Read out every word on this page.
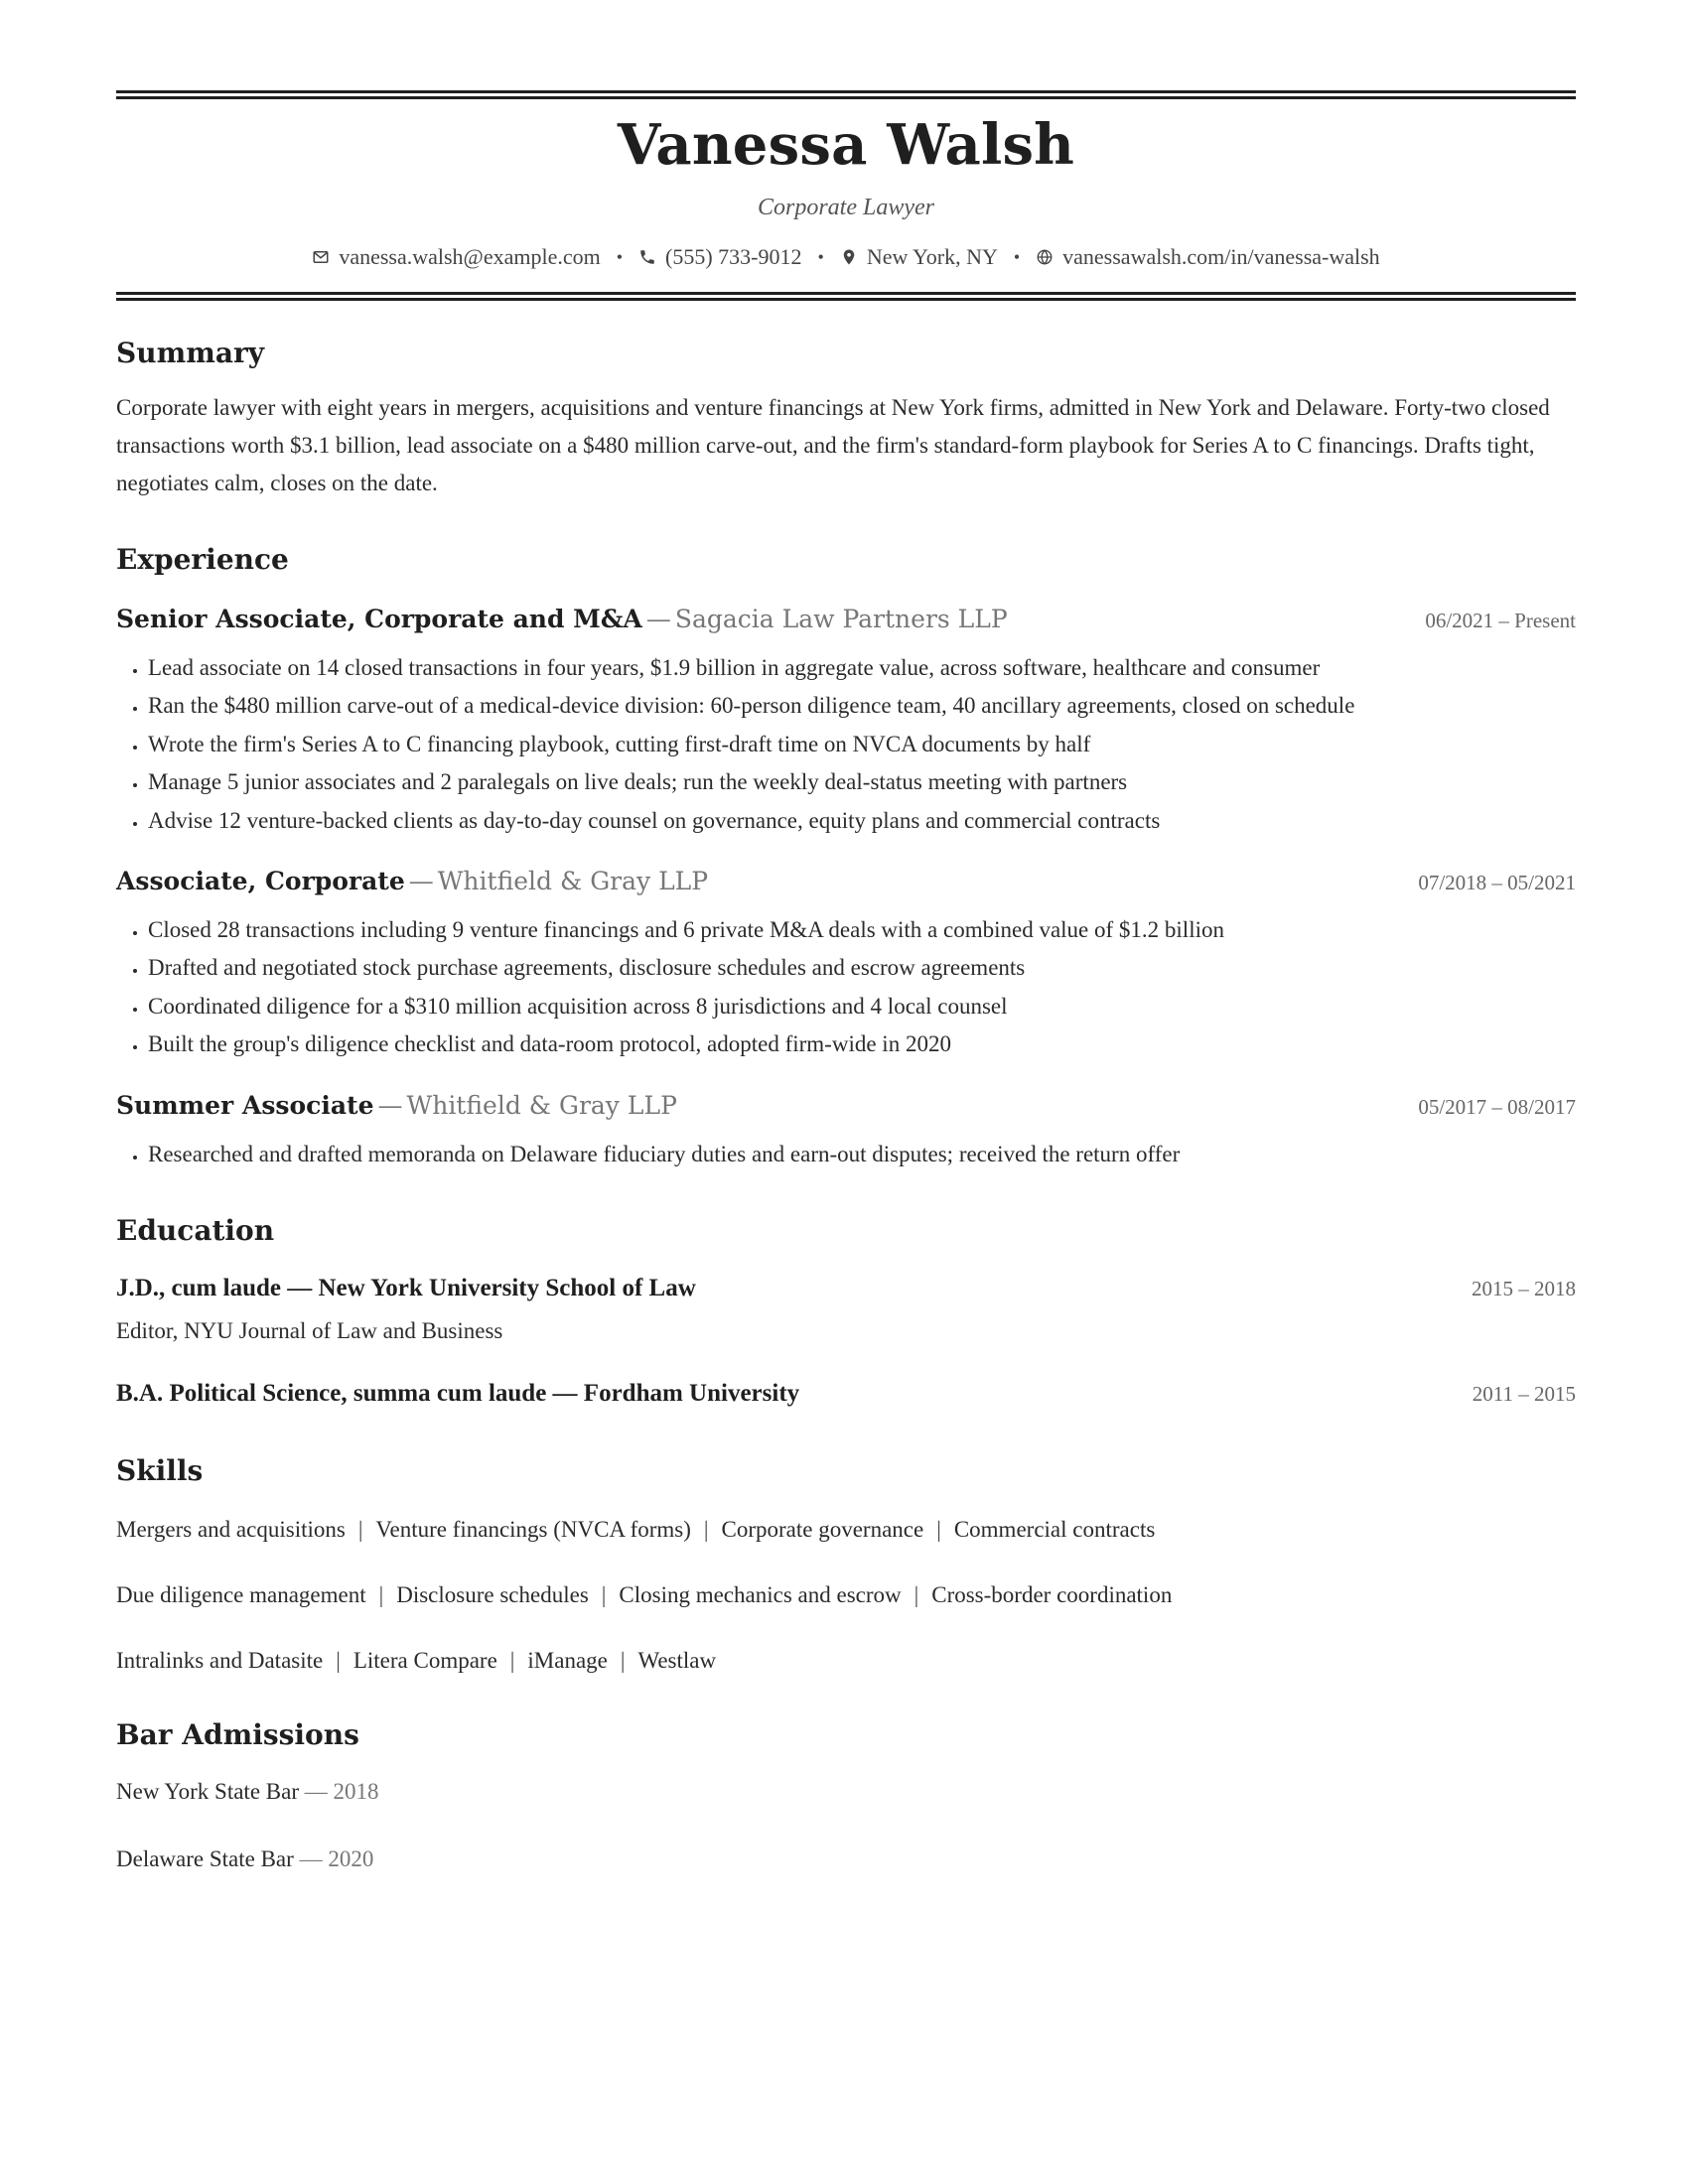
Vanessa Walsh
Corporate Lawyer
vanessa.walsh@example.com • (555) 733-9012 • New York, NY • vanessawalsh.com/in/vanessa-walsh
Summary

Corporate lawyer with eight years in mergers, acquisitions and venture financings at New York firms, admitted in New York and Delaware. Forty-two closed transactions worth $3.1 billion, lead associate on a $480 million carve-out, and the firm's standard-form playbook for Series A to C financings. Drafts tight, negotiates calm, closes on the date.

Experience
Senior Associate, Corporate and M&A — Sagacia Law Partners LLP	06/2021 – Present
• Lead associate on 14 closed transactions in four years, $1.9 billion in aggregate value, across software, healthcare and consumer
• Ran the $480 million carve-out of a medical-device division: 60-person diligence team, 40 ancillary agreements, closed on schedule
• Wrote the firm's Series A to C financing playbook, cutting first-draft time on NVCA documents by half
• Manage 5 junior associates and 2 paralegals on live deals; run the weekly deal-status meeting with partners
• Advise 12 venture-backed clients as day-to-day counsel on governance, equity plans and commercial contracts
Associate, Corporate — Whitfield & Gray LLP	07/2018 – 05/2021
• Closed 28 transactions including 9 venture financings and 6 private M&A deals with a combined value of $1.2 billion
• Drafted and negotiated stock purchase agreements, disclosure schedules and escrow agreements
• Coordinated diligence for a $310 million acquisition across 8 jurisdictions and 4 local counsel
• Built the group's diligence checklist and data-room protocol, adopted firm-wide in 2020
Summer Associate — Whitfield & Gray LLP	05/2017 – 08/2017
• Researched and drafted memoranda on Delaware fiduciary duties and earn-out disputes; received the return offer
Education
J.D., cum laude — New York University School of Law	2015 – 2018
Editor, NYU Journal of Law and Business
B.A. Political Science, summa cum laude — Fordham University	2011 – 2015
Skills
Mergers and acquisitions | Venture financings (NVCA forms) | Corporate governance | Commercial contracts
Due diligence management | Disclosure schedules | Closing mechanics and escrow | Cross-border coordination
Intralinks and Datasite | Litera Compare | iManage | Westlaw
Bar Admissions
New York State Bar — 2018
Delaware State Bar — 2020
